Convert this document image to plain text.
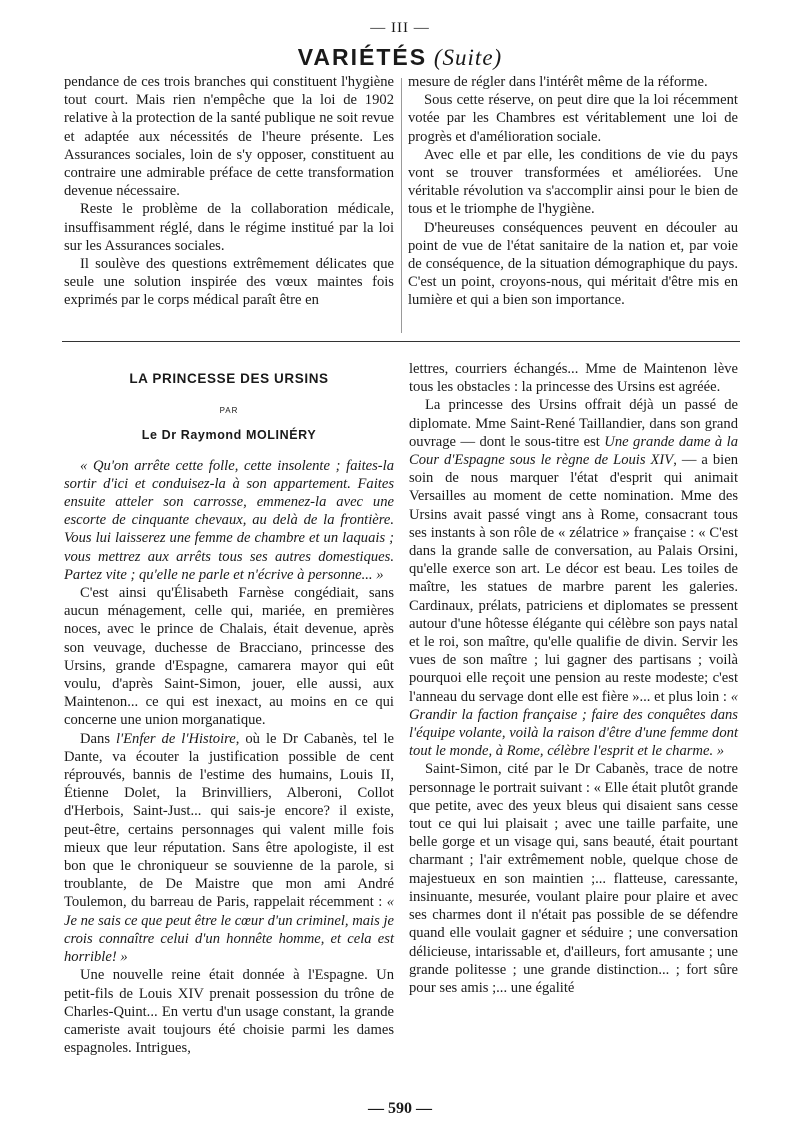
— III —
VARIÉTÉS (Suite)

pendance de ces trois branches qui constituent l'hygiène tout court. Mais rien n'empêche que la loi de 1902 relative à la protection de la santé publique ne soit revue et adaptée aux nécessités de l'heure présente. Les Assurances sociales, loin de s'y opposer, constituent au contraire une admirable préface de cette transformation devenue nécessaire.

Reste le problème de la collaboration médicale, insuffisamment réglé, dans le régime institué par la loi sur les Assurances sociales.

Il soulève des questions extrêmement délicates que seule une solution inspirée des vœux maintes fois exprimés par le corps médical paraît être en

mesure de régler dans l'intérêt même de la réforme.

Sous cette réserve, on peut dire que la loi récemment votée par les Chambres est véritablement une loi de progrès et d'amélioration sociale.

Avec elle et par elle, les conditions de vie du pays vont se trouver transformées et améliorées. Une véritable révolution va s'accomplir ainsi pour le bien de tous et le triomphe de l'hygiène.

D'heureuses conséquences peuvent en découler au point de vue de l'état sanitaire de la nation et, par voie de conséquence, de la situation démographique du pays. C'est un point, croyons-nous, qui méritait d'être mis en lumière et qui a bien son importance.

LA PRINCESSE DES URSINS
PAR
Le Dr Raymond MOLINÉRY

« Qu'on arrête cette folle, cette insolente ; faites-la sortir d'ici et conduisez-la à son appartement. Faites ensuite atteler son carrosse, emmenez-la avec une escorte de cinquante chevaux, au delà de la frontière. Vous lui laisserez une femme de chambre et un laquais ; vous mettrez aux arrêts tous ses autres domestiques. Partez vite ; qu'elle ne parle et n'écrive à personne... »

C'est ainsi qu'Élisabeth Farnèse congédiait, sans aucun ménagement, celle qui, mariée, en premières noces, avec le prince de Chalais, était devenue, après son veuvage, duchesse de Bracciano, princesse des Ursins, grande d'Espagne, camarera mayor qui eût voulu, d'après Saint-Simon, jouer, elle aussi, aux Maintenon... ce qui est inexact, au moins en ce qui concerne une union morganatique.

Dans l'Enfer de l'Histoire, où le Dr Cabanès, tel le Dante, va écouter la justification possible de cent réprouvés, bannis de l'estime des humains, Louis II, Étienne Dolet, la Brinvilliers, Alberoni, Collot d'Herbois, Saint-Just... qui sais-je encore? il existe, peut-être, certains personnages qui valent mille fois mieux que leur réputation. Sans être apologiste, il est bon que le chroniqueur se souvienne de la parole, si troublante, de De Maistre que mon ami André Toulemon, du barreau de Paris, rappelait récemment : « Je ne sais ce que peut être le cœur d'un criminel, mais je crois connaître celui d'un honnête homme, et cela est horrible! »

Une nouvelle reine était donnée à l'Espagne. Un petit-fils de Louis XIV prenait possession du trône de Charles-Quint... En vertu d'un usage constant, la grande cameriste avait toujours été choisie parmi les dames espagnoles. Intrigues,

lettres, courriers échangés... Mme de Maintenon lève tous les obstacles : la princesse des Ursins est agréée.

La princesse des Ursins offrait déjà un passé de diplomate. Mme Saint-René Taillandier, dans son grand ouvrage — dont le sous-titre est Une grande dame à la Cour d'Espagne sous le règne de Louis XIV, — a bien soin de nous marquer l'état d'esprit qui animait Versailles au moment de cette nomination. Mme des Ursins avait passé vingt ans à Rome, consacrant tous ses instants à son rôle de « zélatrice » française : « C'est dans la grande salle de conversation, au Palais Orsini, qu'elle exerce son art. Le décor est beau. Les toiles de maître, les statues de marbre parent les galeries. Cardinaux, prélats, patriciens et diplomates se pressent autour d'une hôtesse élégante qui célèbre son pays natal et le roi, son maître, qu'elle qualifie de divin. Servir les vues de son maître ; lui gagner des partisans ; voilà pourquoi elle reçoit une pension au reste modeste; c'est l'anneau du servage dont elle est fière »... et plus loin : « Grandir la faction française ; faire des conquêtes dans l'équipe volante, voilà la raison d'être d'une femme dont tout le monde, à Rome, célèbre l'esprit et le charme. »

Saint-Simon, cité par le Dr Cabanès, trace de notre personnage le portrait suivant : « Elle était plutôt grande que petite, avec des yeux bleus qui disaient sans cesse tout ce qui lui plaisait ; avec une taille parfaite, une belle gorge et un visage qui, sans beauté, était pourtant charmant ; l'air extrêmement noble, quelque chose de majestueux en son maintien ;... flatteuse, caressante, insinuante, mesurée, voulant plaire pour plaire et avec ses charmes dont il n'était pas possible de se défendre quand elle voulait gagner et séduire ; une conversation délicieuse, intarissable et, d'ailleurs, fort amusante ; une grande politesse ; une grande distinction... ; fort sûre pour ses amis ;... une égalité

— 590 —
